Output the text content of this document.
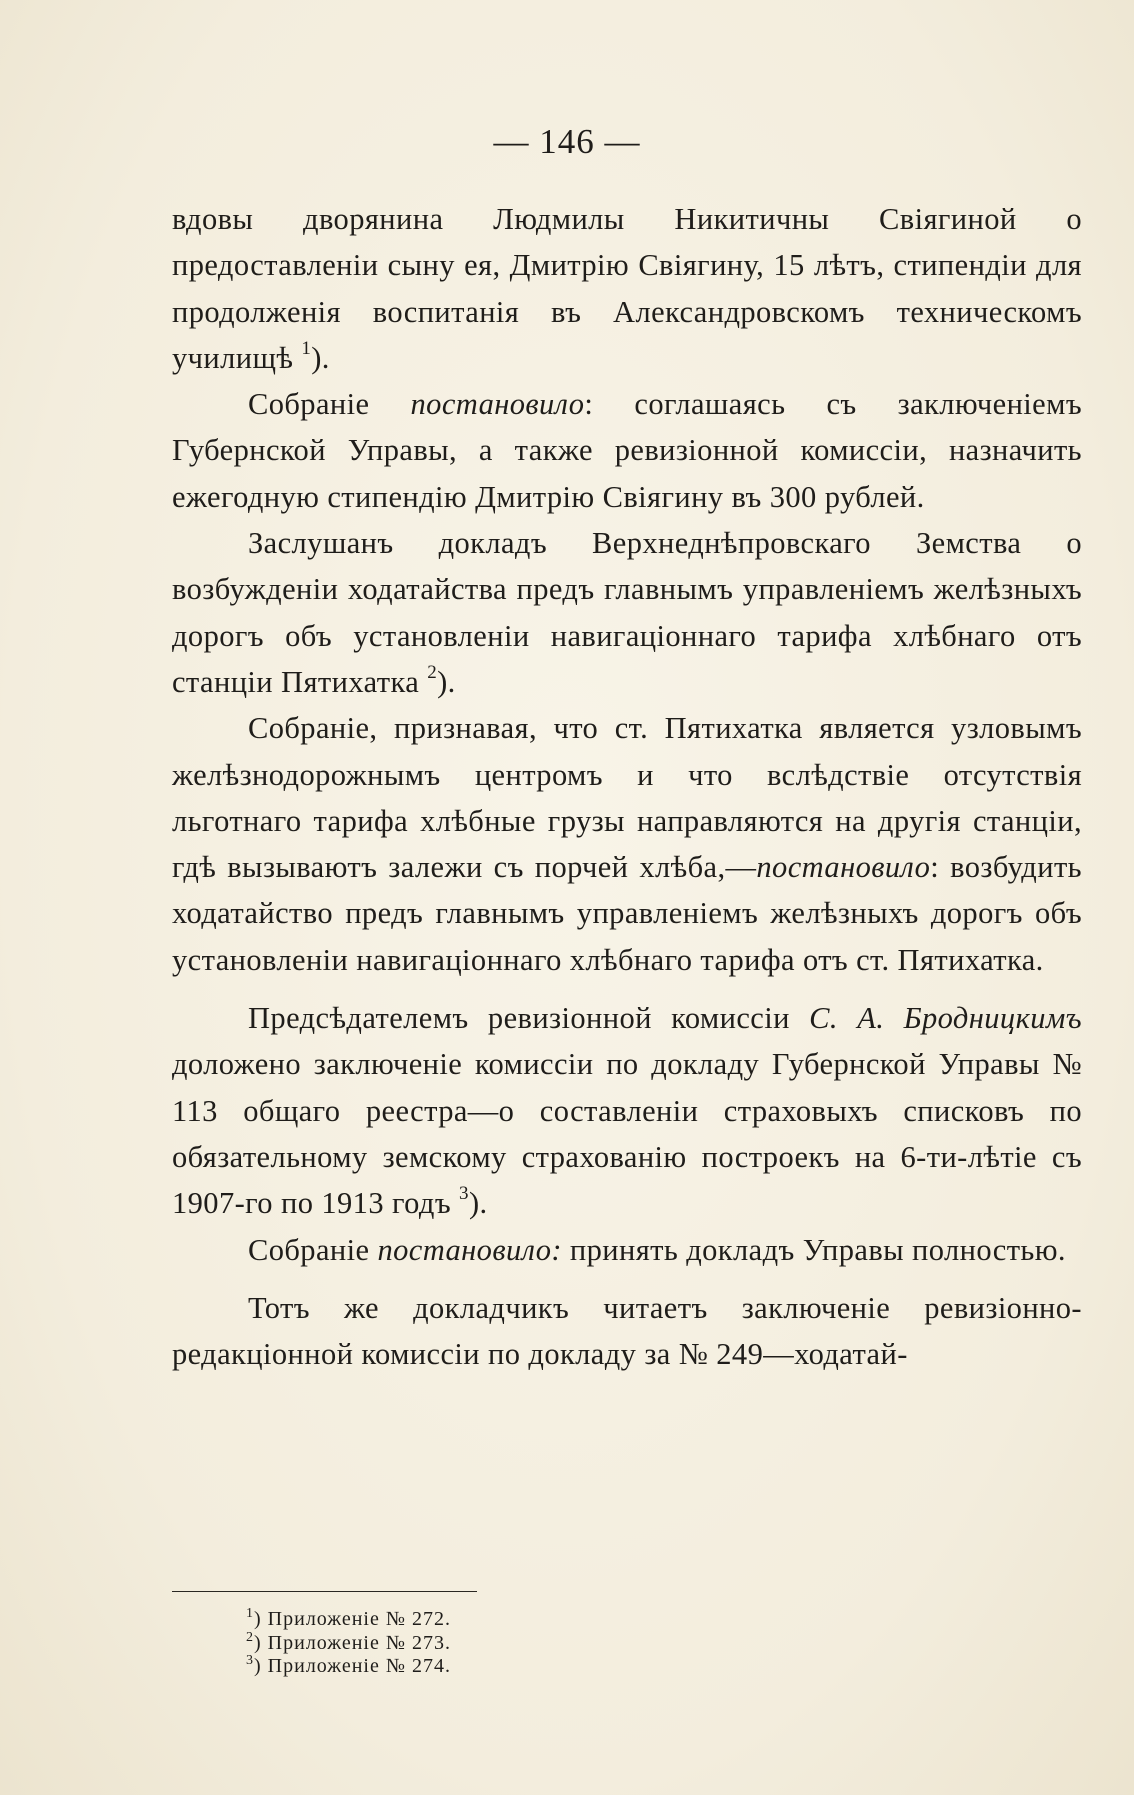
— 146 —

вдовы дворянина Людмилы Никитичны Свіягиной о предоставленіи сыну ея, Дмитрію Свіягину, 15 лѣтъ, стипендіи для продолженія воспитанія въ Александровскомъ техническомъ училищѣ $^1$).

Собраніе постановило: соглашаясь съ заключеніемъ Губернской Управы, а также ревизіонной комиссіи, назначить ежегодную стипендію Дмитрію Свіягину въ 300 рублей.

Заслушанъ докладъ Верхнеднѣпровскаго Земства о возбужденіи ходатайства предъ главнымъ управленіемъ желѣзныхъ дорогъ объ установленіи навигаціоннаго тарифа хлѣбнаго отъ станціи Пятихатка $^2$).

Собраніе, признавая, что ст. Пятихатка является узловымъ желѣзнодорожнымъ центромъ и что вслѣдствіе отсутствія льготнаго тарифа хлѣбные грузы направляются на другія станціи, гдѣ вызываютъ залежи съ порчей хлѣба,—постановило: возбудить ходатайство предъ главнымъ управленіемъ желѣзныхъ дорогъ объ установленіи навигаціоннаго хлѣбнаго тарифа отъ ст. Пятихатка.

Предсѣдателемъ ревизіонной комиссіи С. А. Бродницкимъ доложено заключеніе комиссіи по докладу Губернской Управы № 113 общаго реестра—о составленіи страховыхъ списковъ по обязательному земскому страхованію построекъ на 6-ти-лѣтіе съ 1907-го по 1913 годъ $^3$).

Собраніе постановило: принять докладъ Управы полностью.

Тотъ же докладчикъ читаетъ заключеніе ревизіонно-редакціонной комиссіи по докладу за № 249—ходатай-

$^1$) Приложеніе № 272.
$^2$) Приложеніе № 273.
$^3$) Приложеніе № 274.
